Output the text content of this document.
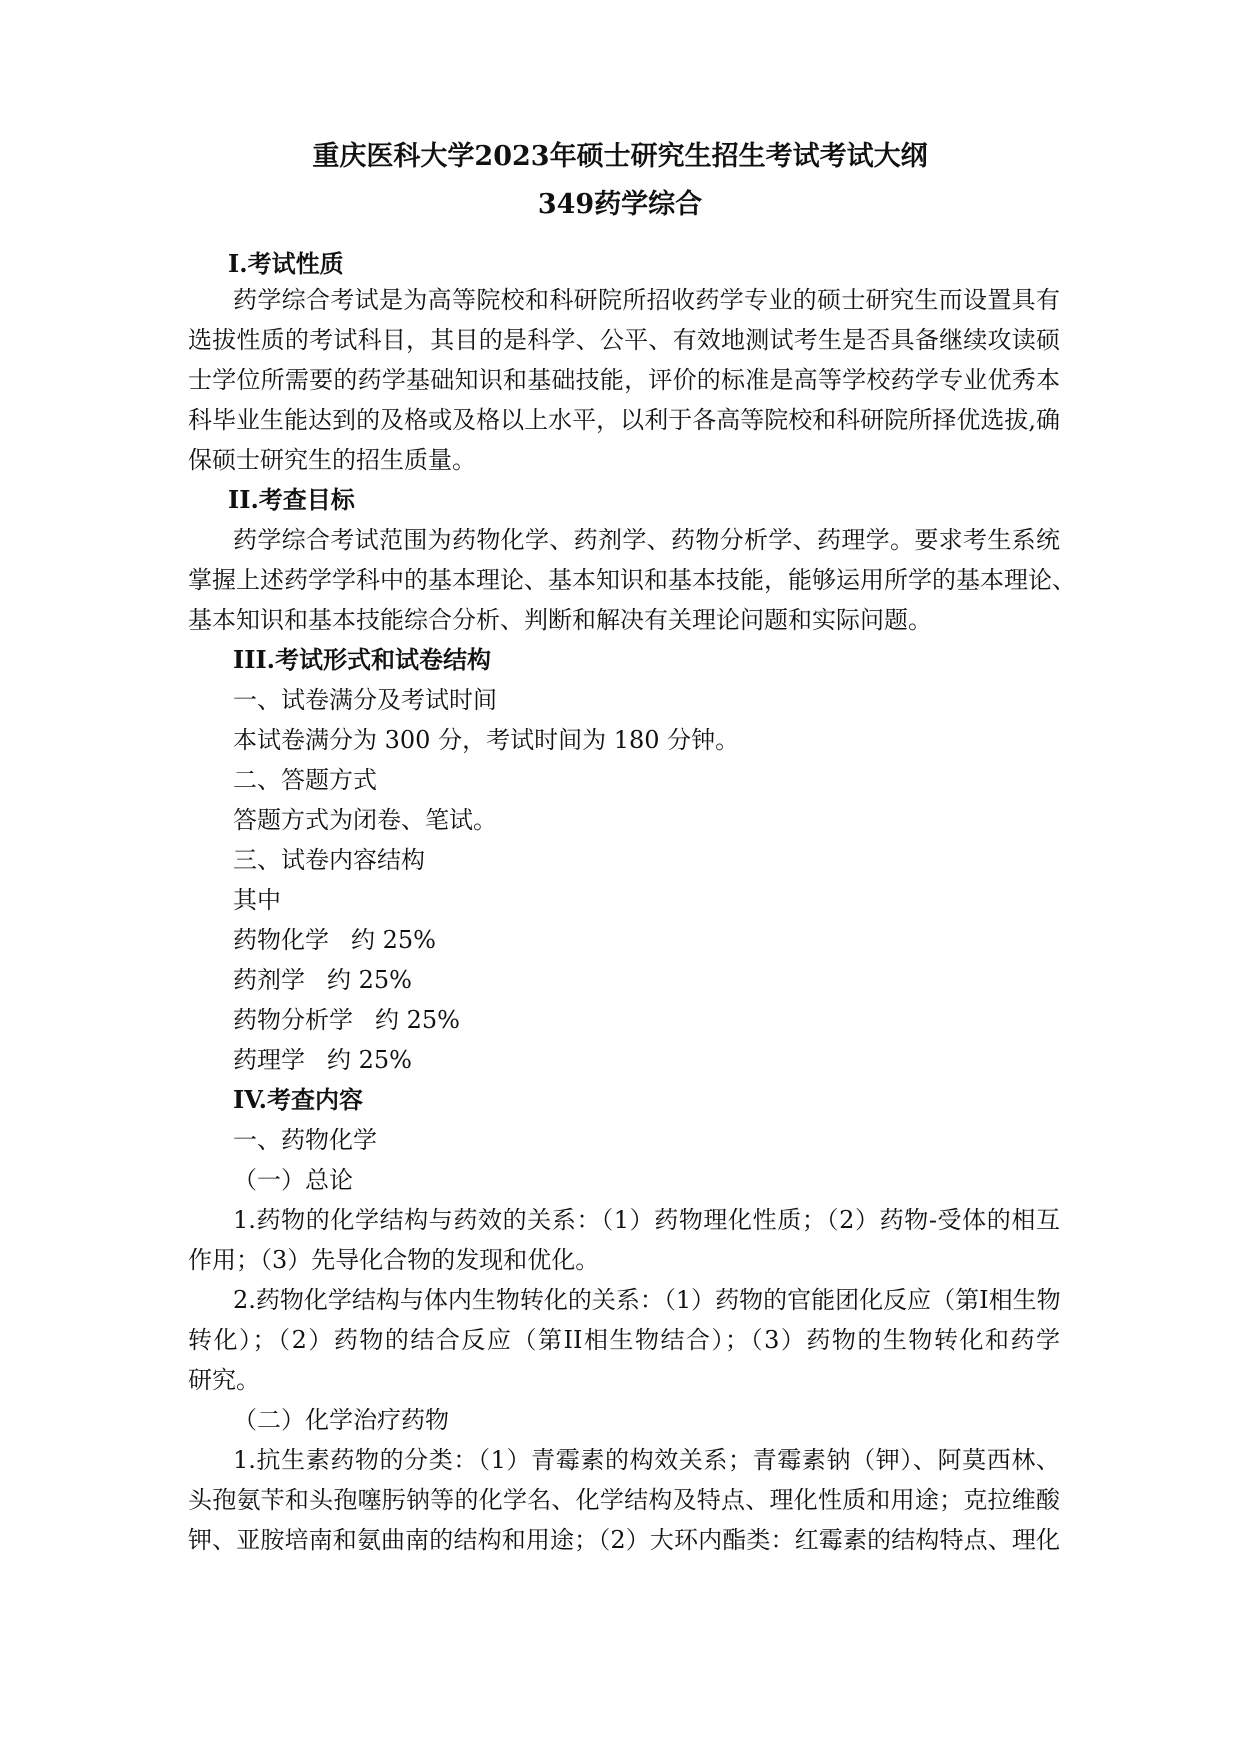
重庆医科大学2023年硕士研究生招生考试考试大纲
349药学综合
I.考试性质
药学综合考试是为高等院校和科研院所招收药学专业的硕士研究生而设置具有
选拔性质的考试科目，其目的是科学、公平、有效地测试考生是否具备继续攻读硕
士学位所需要的药学基础知识和基础技能，评价的标准是高等学校药学专业优秀本
科毕业生能达到的及格或及格以上水平，以利于各高等院校和科研院所择优选拔,确
保硕士研究生的招生质量。
II.考查目标
药学综合考试范围为药物化学、药剂学、药物分析学、药理学。要求考生系统
掌握上述药学学科中的基本理论、基本知识和基本技能，能够运用所学的基本理论、
基本知识和基本技能综合分析、判断和解决有关理论问题和实际问题。
III.考试形式和试卷结构
一、试卷满分及考试时间
本试卷满分为 300 分，考试时间为 180 分钟。
二、答题方式
答题方式为闭卷、笔试。
三、试卷内容结构
其中
药物化学 约 25%
药剂学 约 25%
药物分析学 约 25%
药理学 约 25%
IV.考查内容
一、药物化学
（一）总论
1.药物的化学结构与药效的关系：（1）药物理化性质；（2）药物-受体的相互
作用；（3）先导化合物的发现和优化。
2.药物化学结构与体内生物转化的关系：（1）药物的官能团化反应（第I相生物
转化）；（2）药物的结合反应（第II相生物结合）；（3）药物的生物转化和药学
研究。
（二）化学治疗药物
1.抗生素药物的分类：（1）青霉素的构效关系；青霉素钠（钾）、阿莫西林、
头孢氨苄和头孢噻肟钠等的化学名、化学结构及特点、理化性质和用途；克拉维酸
钾、亚胺培南和氨曲南的结构和用途；（2）大环内酯类：红霉素的结构特点、理化
